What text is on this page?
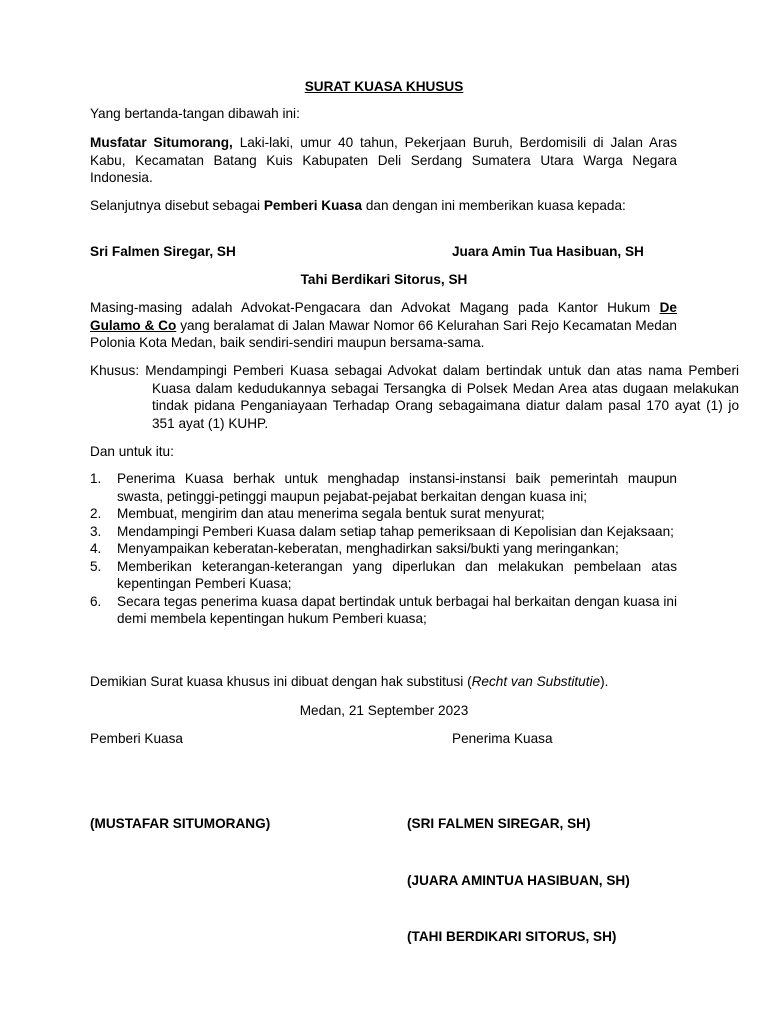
SURAT KUASA KHUSUS
Yang bertanda-tangan dibawah ini:
Musfatar Situmorang, Laki-laki, umur 40 tahun, Pekerjaan Buruh, Berdomisili di Jalan Aras Kabu, Kecamatan Batang Kuis Kabupaten Deli Serdang Sumatera Utara Warga Negara Indonesia.
Selanjutnya disebut sebagai Pemberi Kuasa dan dengan ini memberikan kuasa kepada:
Sri Falmen Siregar, SH	Juara Amin Tua Hasibuan, SH
Tahi Berdikari Sitorus, SH
Masing-masing adalah Advokat-Pengacara dan Advokat Magang pada Kantor Hukum De Gulamo & Co yang beralamat di Jalan Mawar Nomor 66 Kelurahan Sari Rejo Kecamatan Medan Polonia Kota Medan, baik sendiri-sendiri maupun bersama-sama.
Khusus: Mendampingi Pemberi Kuasa sebagai Advokat dalam bertindak untuk dan atas nama Pemberi Kuasa dalam kedudukannya sebagai Tersangka di Polsek Medan Area atas dugaan melakukan tindak pidana Penganiayaan Terhadap Orang sebagaimana diatur dalam pasal 170 ayat (1) jo 351 ayat (1) KUHP.
Dan untuk itu:
1. Penerima Kuasa berhak untuk menghadap instansi-instansi baik pemerintah maupun swasta, petinggi-petinggi maupun pejabat-pejabat berkaitan dengan kuasa ini;
2. Membuat, mengirim dan atau menerima segala bentuk surat menyurat;
3. Mendampingi Pemberi Kuasa dalam setiap tahap pemeriksaan di Kepolisian dan Kejaksaan;
4. Menyampaikan keberatan-keberatan, menghadirkan saksi/bukti yang meringankan;
5. Memberikan keterangan-keterangan yang diperlukan dan melakukan pembelaan atas kepentingan Pemberi Kuasa;
6. Secara tegas penerima kuasa dapat bertindak untuk berbagai hal berkaitan dengan kuasa ini demi membela kepentingan hukum Pemberi kuasa;
Demikian Surat kuasa khusus ini dibuat dengan hak substitusi (Recht van Substitutie).
Medan, 21 September 2023
Pemberi Kuasa	Penerima Kuasa
(MUSTAFAR SITUMORANG)	(SRI FALMEN SIREGAR, SH)
(JUARA AMINTUA HASIBUAN, SH)
(TAHI BERDIKARI SITORUS, SH)
